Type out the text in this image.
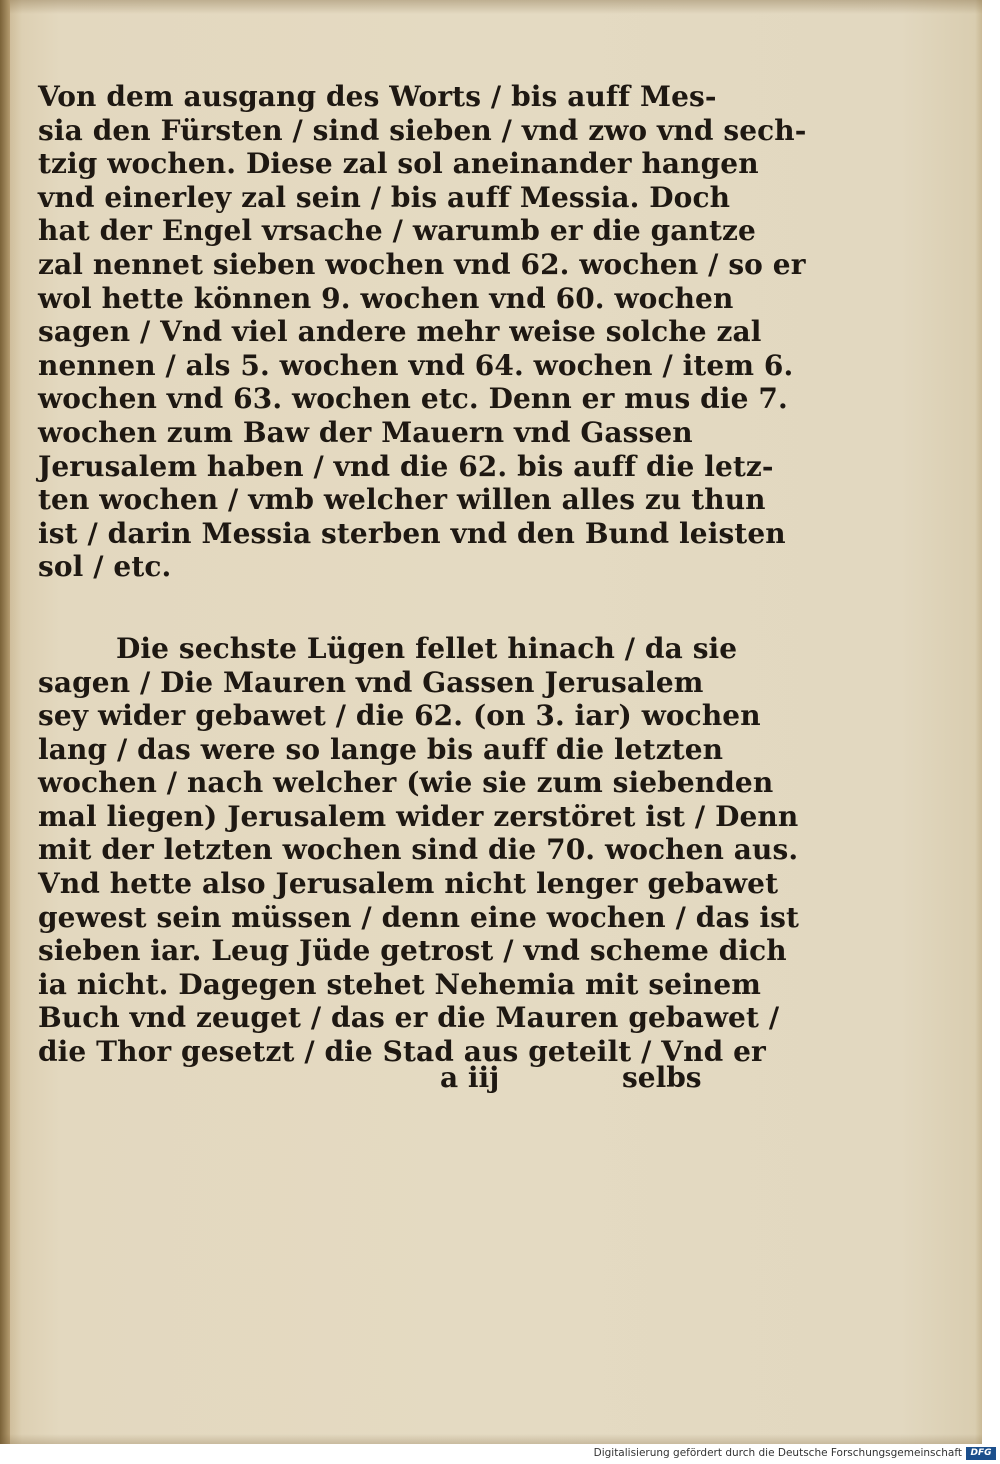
Von dem ausgang des Worts / bis auff Mes-
sia den Fürsten / sind sieben / vnd zwo vnd sech-
tzig wochen. Diese zal sol aneinander hangen
vnd einerley zal sein / bis auff Messia. Doch
hat der Engel vrsache / warumb er die gantze
zal nennet sieben wochen vnd 62. wochen / so er
wol hette können 9. wochen vnd 60. wochen
sagen / Vnd viel andere mehr weise solche zal
nennen / als 5. wochen vnd 64. wochen / item 6.
wochen vnd 63. wochen etc. Denn er mus die 7.
wochen zum Baw der Mauern vnd Gassen
Jerusalem haben / vnd die 62. bis auff die letz-
ten wochen / vmb welcher willen alles zu thun
ist / darin Messia sterben vnd den Bund leisten
sol / etc.
Die sechste Lügen fellet hinach / da sie
sagen / Die Mauren vnd Gassen Jerusalem
sey wider gebawet / die 62. (on 3. iar) wochen
lang / das were so lange bis auff die letzten
wochen / nach welcher (wie sie zum siebenden
mal liegen) Jerusalem wider zerstöret ist / Denn
mit der letzten wochen sind die 70. wochen aus.
Vnd hette also Jerusalem nicht lenger gebawet
gewest sein müssen / denn eine wochen / das ist
sieben iar. Leug Jüde getrost / vnd scheme dich
ia nicht. Dagegen stehet Nehemia mit seinem
Buch vnd zeuget / das er die Mauren gebawet /
die Thor gesetzt / die Stad aus geteilt / Vnd er
a iij	selbs
Digitalisierung gefördert durch die Deutsche Forschungsgemeinschaft DFG
